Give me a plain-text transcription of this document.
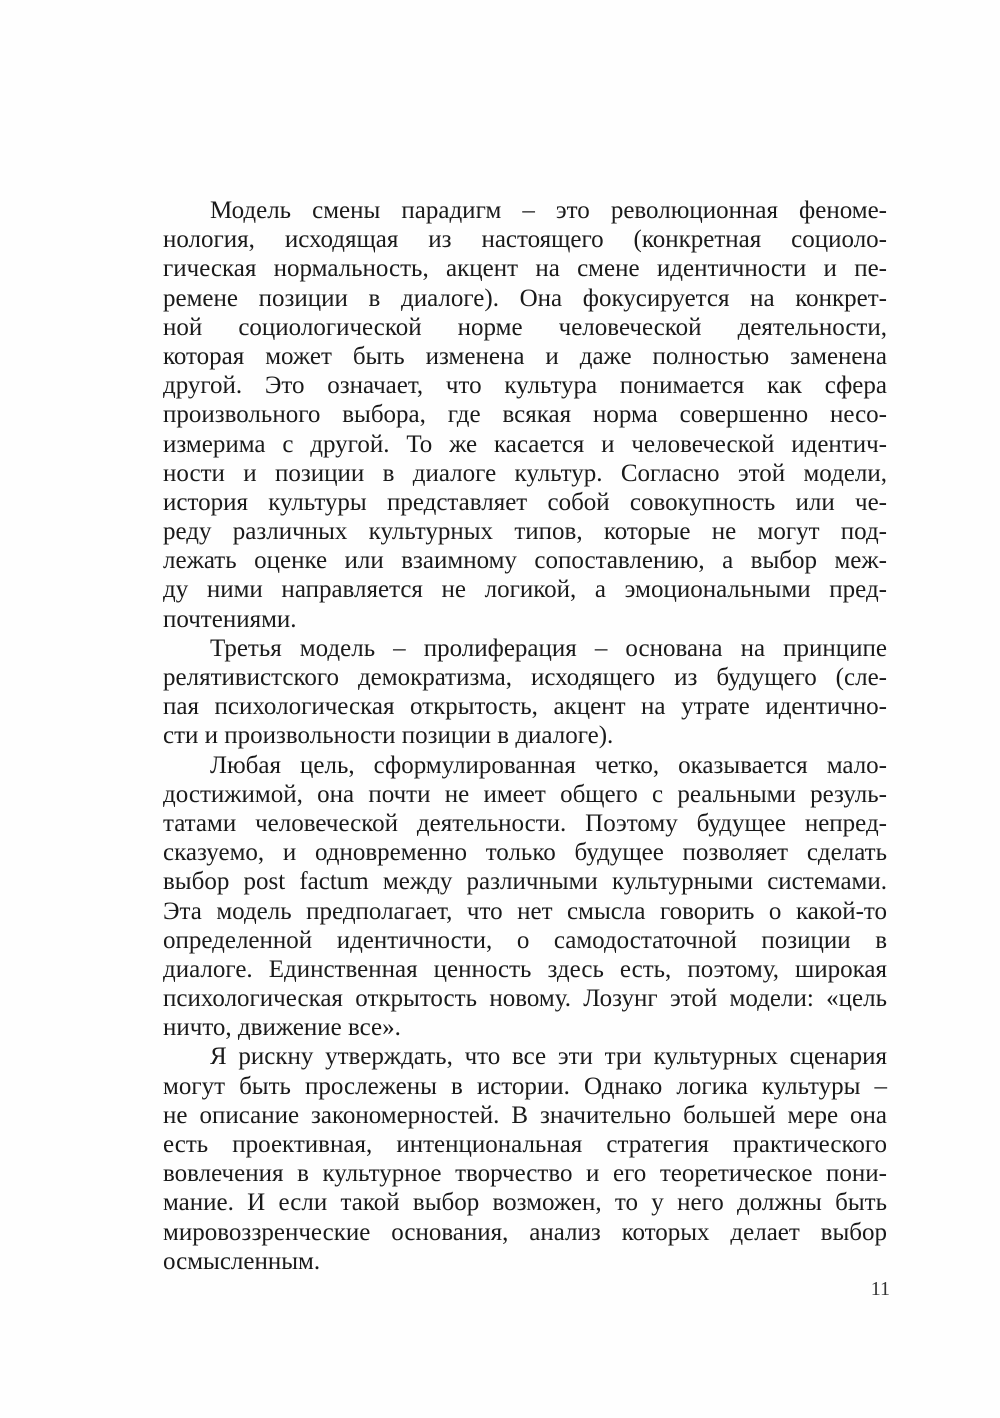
Модель смены парадигм – это революционная феноме-
нология, исходящая из настоящего (конкретная социоло-
гическая нормальность, акцент на смене идентичности и пе-
ремене позиции в диалоге). Она фокусируется на конкрет-
ной социологической норме человеческой деятельности,
которая может быть изменена и даже полностью заменена
другой. Это означает, что культура понимается как сфера
произвольного выбора, где всякая норма совершенно несо-
измерима с другой. То же касается и человеческой идентич-
ности и позиции в диалоге культур. Согласно этой модели,
история культуры представляет собой совокупность или че-
реду различных культурных типов, которые не могут под-
лежать оценке или взаимному сопоставлению, а выбор меж-
ду ними направляется не логикой, а эмоциональными пред-
почтениями.
Третья модель – пролиферация – основана на принципе
релятивистского демократизма, исходящего из будущего (сле-
пая психологическая открытость, акцент на утрате идентично-
сти и произвольности позиции в диалоге).
Любая цель, сформулированная четко, оказывается мало-
достижимой, она почти не имеет общего с реальными резуль-
татами человеческой деятельности. Поэтому будущее непред-
сказуемо, и одновременно только будущее позволяет сделать
выбор post factum между различными культурными системами.
Эта модель предполагает, что нет смысла говорить о какой-то
определенной идентичности, о самодостаточной позиции в
диалоге. Единственная ценность здесь есть, поэтому, широкая
психологическая открытость новому. Лозунг этой модели: «цель
ничто, движение все».
Я рискну утверждать, что все эти три культурных сценария
могут быть прослежены в истории. Однако логика культуры –
не описание закономерностей. В значительно большей мере она
есть проективная, интенциональная стратегия практического
вовлечения в культурное творчество и его теоретическое пони-
мание. И если такой выбор возможен, то у него должны быть
мировоззренческие основания, анализ которых делает выбор
осмысленным.
11
